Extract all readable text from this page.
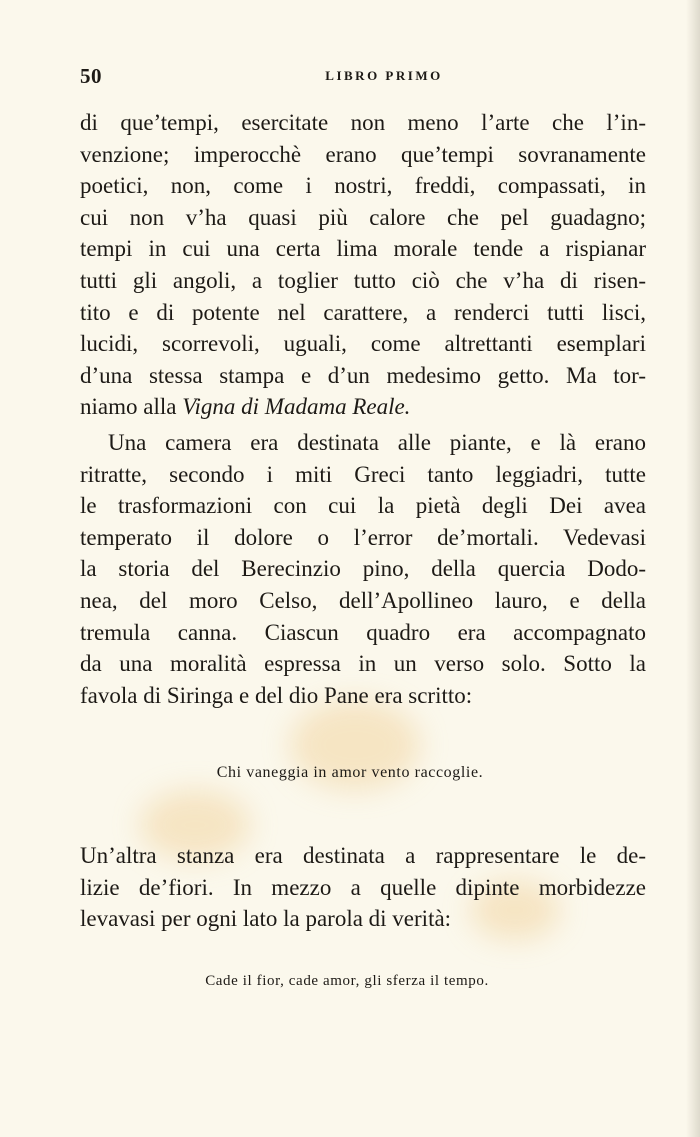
50	LIBRO PRIMO
di que’tempi, esercitate non meno l’arte che l’in-
venzione; imperocchè erano que’tempi sovranamente
poetici, non, come i nostri, freddi, compassati, in
cui non v’ha quasi più calore che pel guadagno;
tempi in cui una certa lima morale tende a rispianar
tutti gli angoli, a toglier tutto ciò che v’ha di risen-
tito e di potente nel carattere, a renderci tutti lisci,
lucidi, scorrevoli, uguali, come altrettanti esemplari
d’una stessa stampa e d’un medesimo getto. Ma tor-
niamo alla Vigna di Madama Reale.
Una camera era destinata alle piante, e là erano
ritratte, secondo i miti Greci tanto leggiadri, tutte
le trasformazioni con cui la pietà degli Dei avea
temperato il dolore o l’error de’mortali. Vedevasi
la storia del Berecinzio pino, della quercia Dodo-
nea, del moro Celso, dell’Apollineo lauro, e della
tremula canna. Ciascun quadro era accompagnato
da una moralità espressa in un verso solo. Sotto la
favola di Siringa e del dio Pane era scritto:
Chi vaneggia in amor vento raccoglie.
Un’altra stanza era destinata a rappresentare le de-
lizie de’fiori. In mezzo a quelle dipinte morbidezze
levavasi per ogni lato la parola di verità:
Cade il fior, cade amor, gli sferza il tempo.
